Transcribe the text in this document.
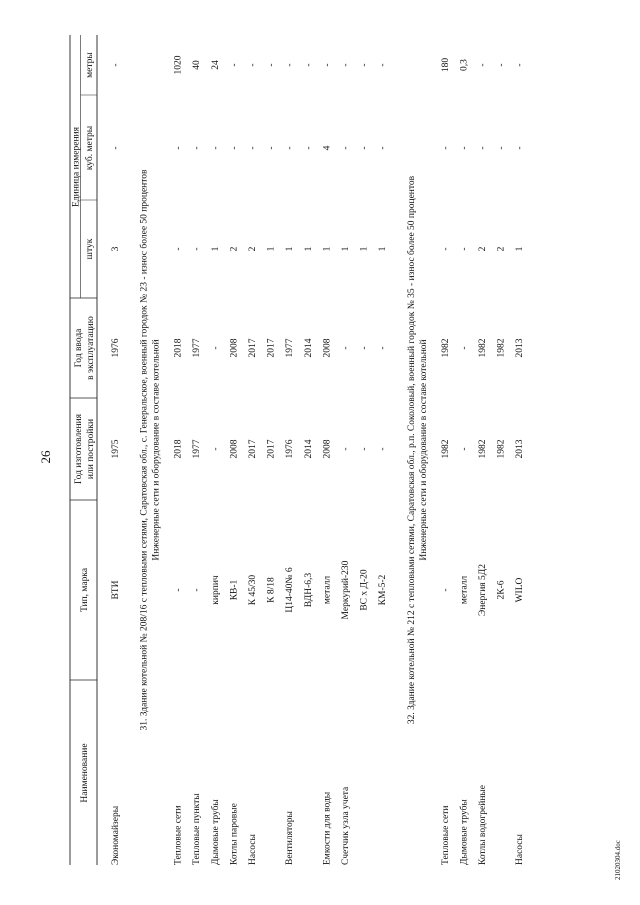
26
21020304.doc
Наименование
Тип, марка
Год изготовления или постройки
Год ввода в эксплуатацию
Единица измерения
штук
куб. метры
метры
Экономайзеры
ВТИ
1975
1976
3
-
-
31. Здание котельной № 208/16 с тепловыми сетями, Саратовская обл., с. Генеральское, военный городок № 23 - износ более 50 процентов Инженерные сети и оборудование в составе котельной
Тепловые сети
-
2018
2018
-
-
1020
Тепловые пункты
-
1977
1977
-
-
40
Дымовые трубы
кирпич
-
-
1
-
24
Котлы паровые
КВ-1
2008
2008
2
-
-
Насосы
К 45/30
2017
2017
2
-
-
К 8/18
2017
2017
1
-
-
Вентиляторы
Ц14-40№ 6
1976
1977
1
-
-
ВДН-6,3
2014
2014
1
-
-
Емкости для воды
металл
2008
2008
1
4
-
Счетчик узла учета
Меркурий-230
-
-
1
-
-
ВС х Д-20
-
-
1
-
-
КМ-5-2
-
-
1
-
-
32. Здание котельной № 212 с тепловыми сетями, Саратовская обл., р.п. Соколовый, военный городок № 35 - износ более 50 процентов Инженерные сети и оборудование в составе котельной
Тепловые сети
-
1982
1982
-
-
180
Дымовые трубы
металл
-
-
-
-
0,3
Котлы водогрейные
Энергия 5Д2
1982
1982
2
-
-
2К-6
1982
1982
2
-
-
Насосы
WILO
2013
2013
1
-
-
